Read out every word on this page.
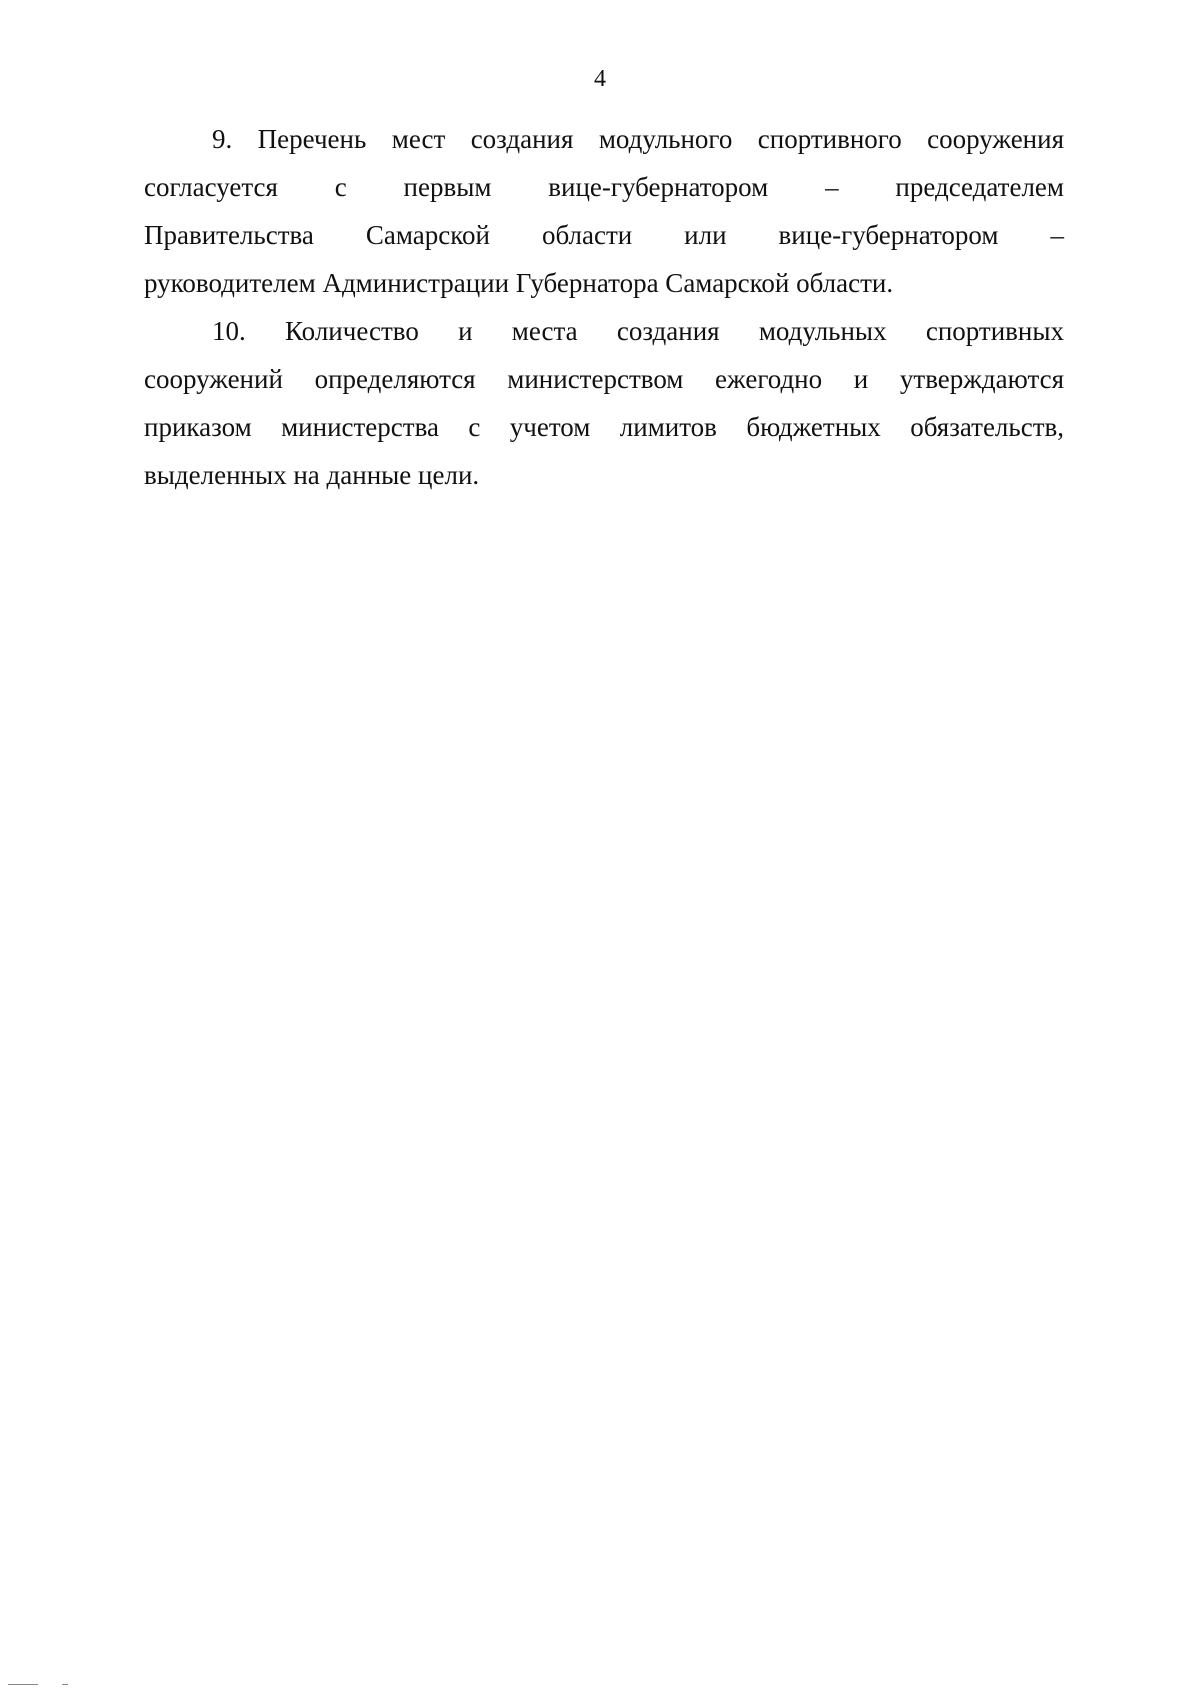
4

9. Перечень мест создания модульного спортивного сооружения
согласуется с первым вице-губернатором – председателем
Правительства Самарской области или вице-губернатором –
руководителем Администрации Губернатора Самарской области.

10. Количество и места создания модульных спортивных
сооружений определяются министерством ежегодно и утверждаются
приказом министерства с учетом лимитов бюджетных обязательств,
выделенных на данные цели.
